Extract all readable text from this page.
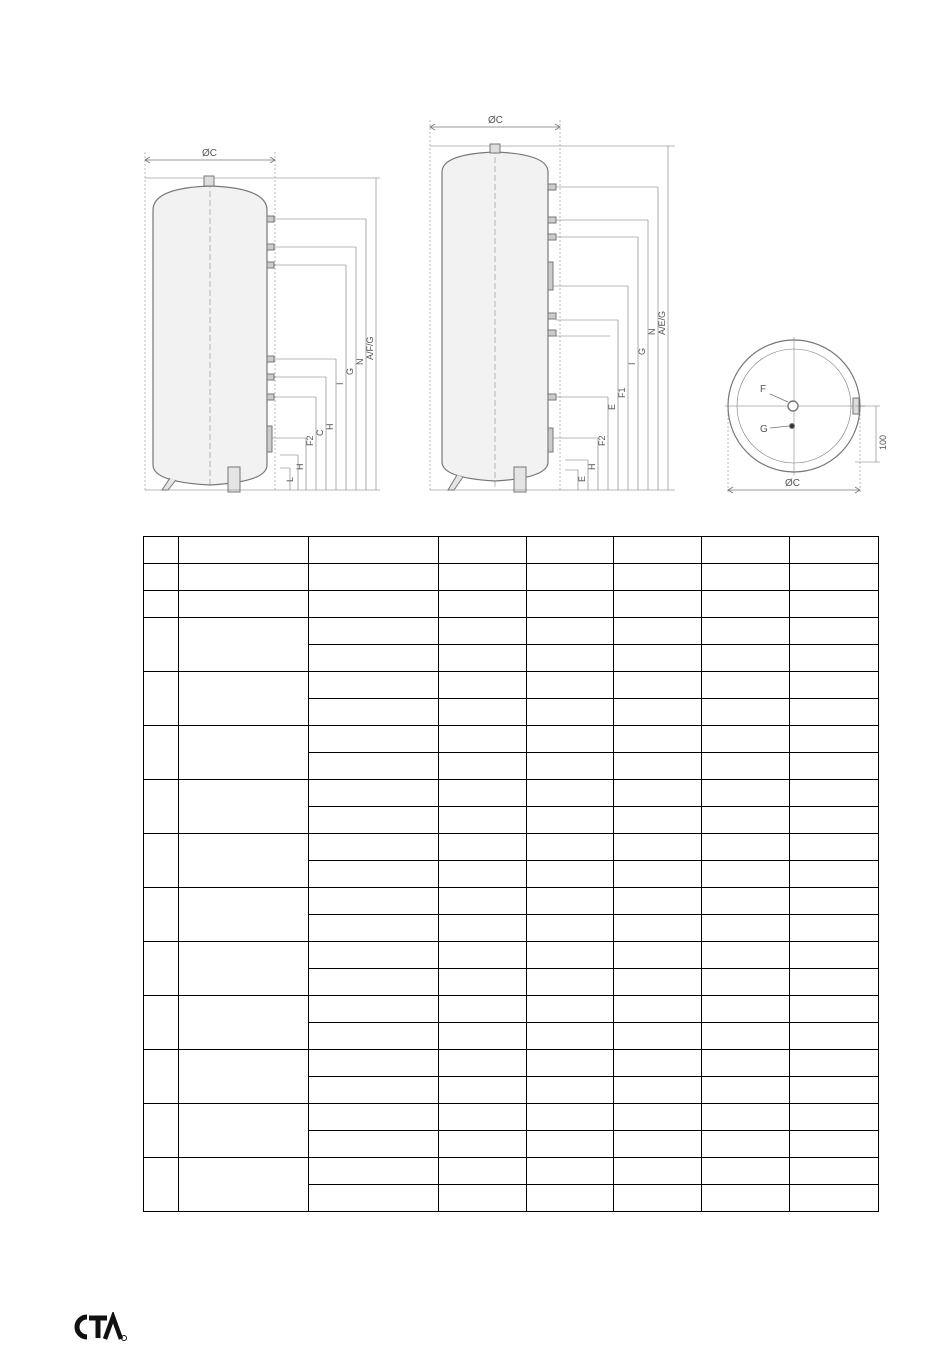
ØC
A/F/G
N
G
I
H
C
F2
H
L
ØC
A/E/G
N
G
I
F1
E
F2
H
E
F
G
100
ØC
